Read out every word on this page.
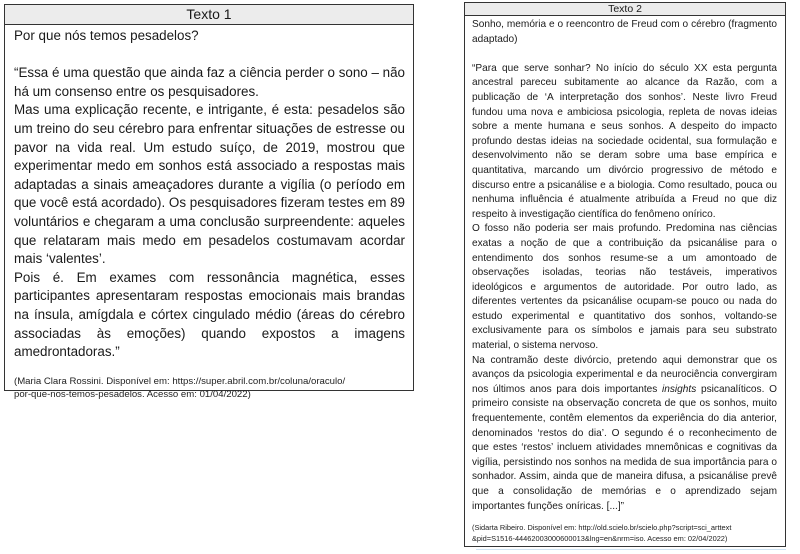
Texto 1

Por que nós temos pesadelos?

“Essa é uma questão que ainda faz a ciência perder o sono – não há um consenso entre os pesquisadores.

Mas uma explicação recente, e intrigante, é esta: pesadelos são um treino do seu cérebro para enfrentar situações de estresse ou pavor na vida real. Um estudo suíço, de 2019, mostrou que experimentar medo em sonhos está associado a respostas mais adaptadas a sinais ameaçadores durante a vigília (o período em que você está acordado). Os pesquisadores fizeram testes em 89 voluntários e chegaram a uma conclusão surpreendente: aqueles que relataram mais medo em pesadelos costumavam acordar mais ‘valentes’.

Pois é. Em exames com ressonância magnética, esses participantes apresentaram respostas emocionais mais brandas na ínsula, amígdala e córtex cingulado médio (áreas do cérebro associadas às emoções) quando expostos a imagens amedrontadoras.”

(Maria Clara Rossini. Disponível em: https://super.abril.com.br/coluna/oraculo/
por-que-nos-temos-pesadelos. Acesso em: 01/04/2022)
Texto 2

Sonho, memória e o reencontro de Freud com o cérebro (fragmento adaptado)

“Para que serve sonhar? No início do século XX esta pergunta ancestral pareceu subitamente ao alcance da Razão, com a publicação de ‘A interpretação dos sonhos’. Neste livro Freud fundou uma nova e ambiciosa psicologia, repleta de novas ideias sobre a mente humana e seus sonhos. A despeito do impacto profundo destas ideias na sociedade ocidental, sua formulação e desenvolvimento não se deram sobre uma base empírica e quantitativa, marcando um divórcio progressivo de método e discurso entre a psicanálise e a biologia. Como resultado, pouca ou nenhuma influência é atualmente atribuída a Freud no que diz respeito à investigação científica do fenômeno onírico.

O fosso não poderia ser mais profundo. Predomina nas ciências exatas a noção de que a contribuição da psicanálise para o entendimento dos sonhos resume-se a um amontoado de observações isoladas, teorias não testáveis, imperativos ideológicos e argumentos de autoridade. Por outro lado, as diferentes vertentes da psicanálise ocupam-se pouco ou nada do estudo experimental e quantitativo dos sonhos, voltando-se exclusivamente para os símbolos e jamais para seu substrato material, o sistema nervoso.

Na contramão deste divórcio, pretendo aqui demonstrar que os avanços da psicologia experimental e da neurociência convergiram nos últimos anos para dois importantes insights psicanalíticos. O primeiro consiste na observação concreta de que os sonhos, muito frequentemente, contêm elementos da experiência do dia anterior, denominados ‘restos do dia’. O segundo é o reconhecimento de que estes ‘restos’ incluem atividades mnemônicas e cognitivas da vigília, persistindo nos sonhos na medida de sua importância para o sonhador. Assim, ainda que de maneira difusa, a psicanálise prevê que a consolidação de memórias e o aprendizado sejam importantes funções oníricas. [...]”

(Sidarta Ribeiro. Disponível em: http://old.scielo.br/scielo.php?script=sci_arttext
&pid=S1516-44462003000600013&lng=en&nrm=iso. Acesso em: 02/04/2022)
